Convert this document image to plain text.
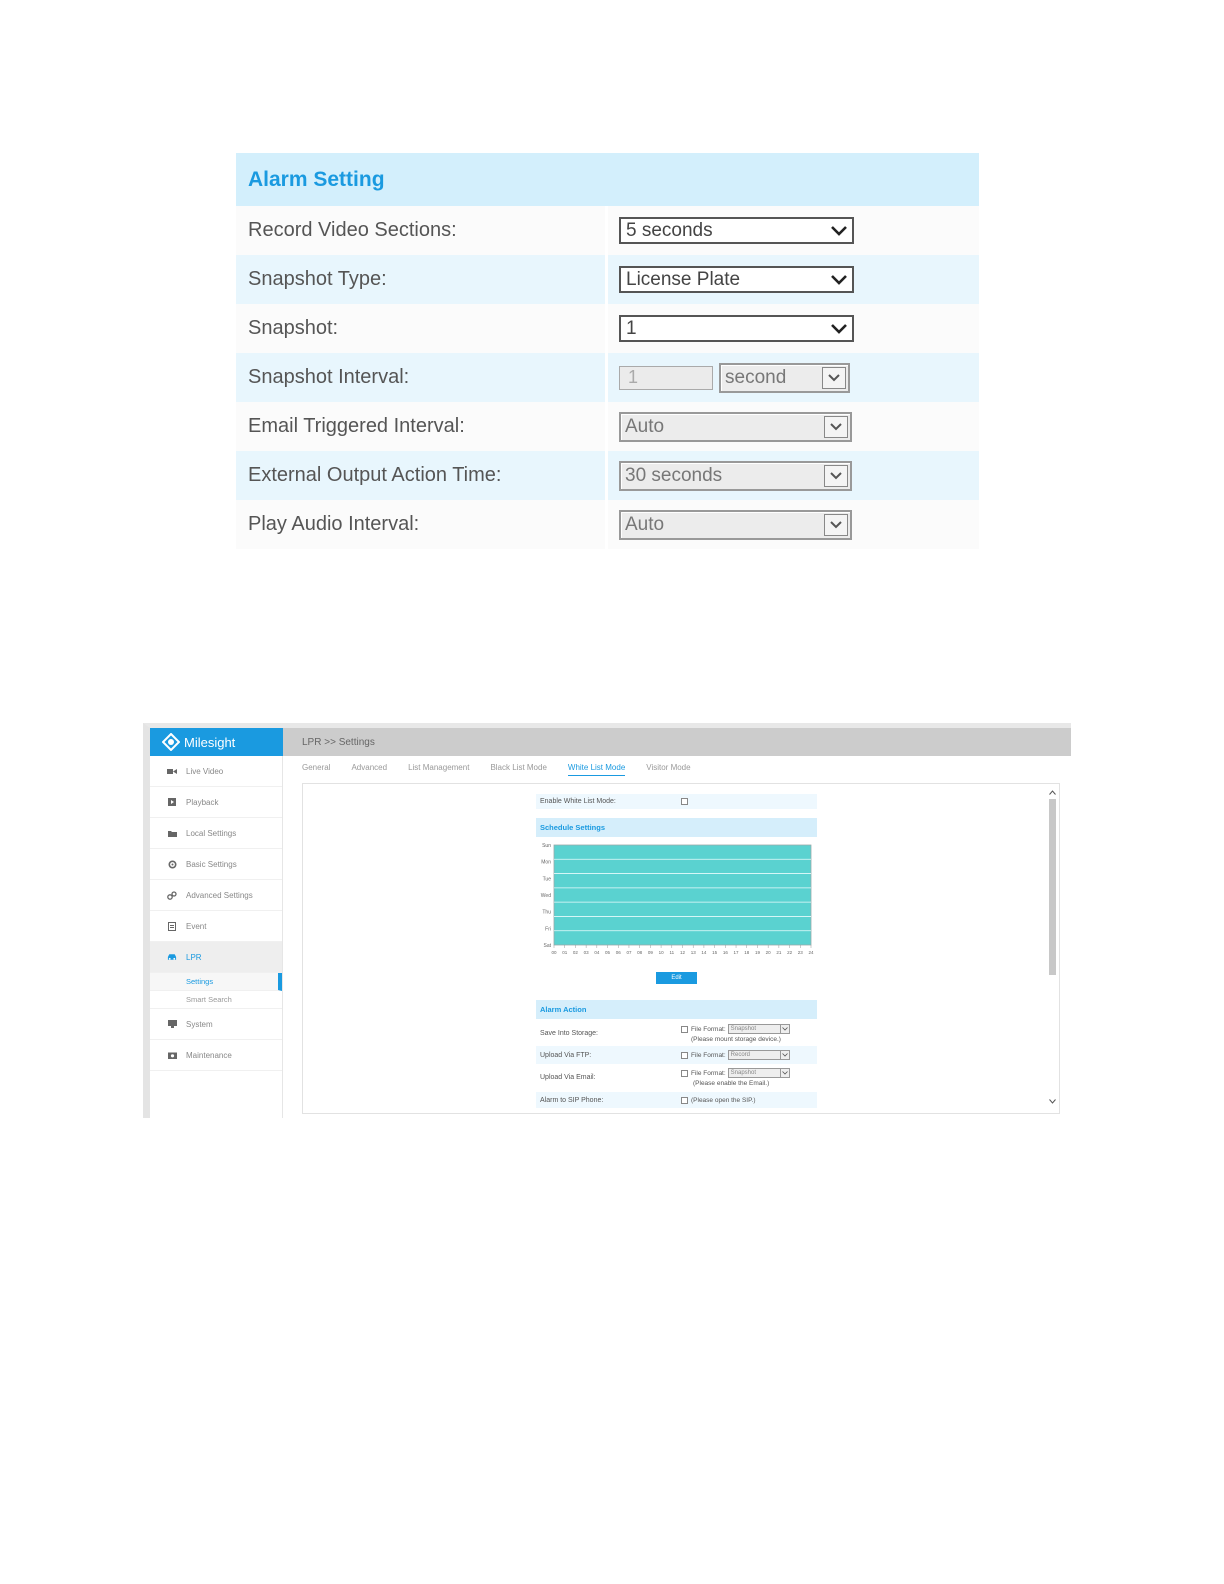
Alarm Setting
Record Video Sections:	5 seconds
Snapshot Type:	License Plate
Snapshot:	1
Snapshot Interval:	1	second
Email Triggered Interval:	Auto
External Output Action Time:	30 seconds
Play Audio Interval:	Auto
Milesight	LPR >> Settings
Live Video
Playback
Local Settings
Basic Settings
Advanced Settings
Event
LPR
Settings
Smart Search
System
Maintenance
General	Advanced	List Management	Black List Mode	White List Mode	Visitor Mode
Enable White List Mode:
Schedule Settings
Sun
Mon
Tue
Wed
Thu
Fri
Sat
00 01 02 03 04 05 06 07 08 09 10 11 12 13 14 15 16 17 18 19 20 21 22 23 24
Edit
Alarm Action
Save Into Storage:
File Format: Snapshot
(Please mount storage device.)
Upload Via FTP:	File Format: Record
Upload Via Email:
File Format: Snapshot
(Please enable the Email.)
Alarm to SIP Phone:	(Please open the SIP.)
